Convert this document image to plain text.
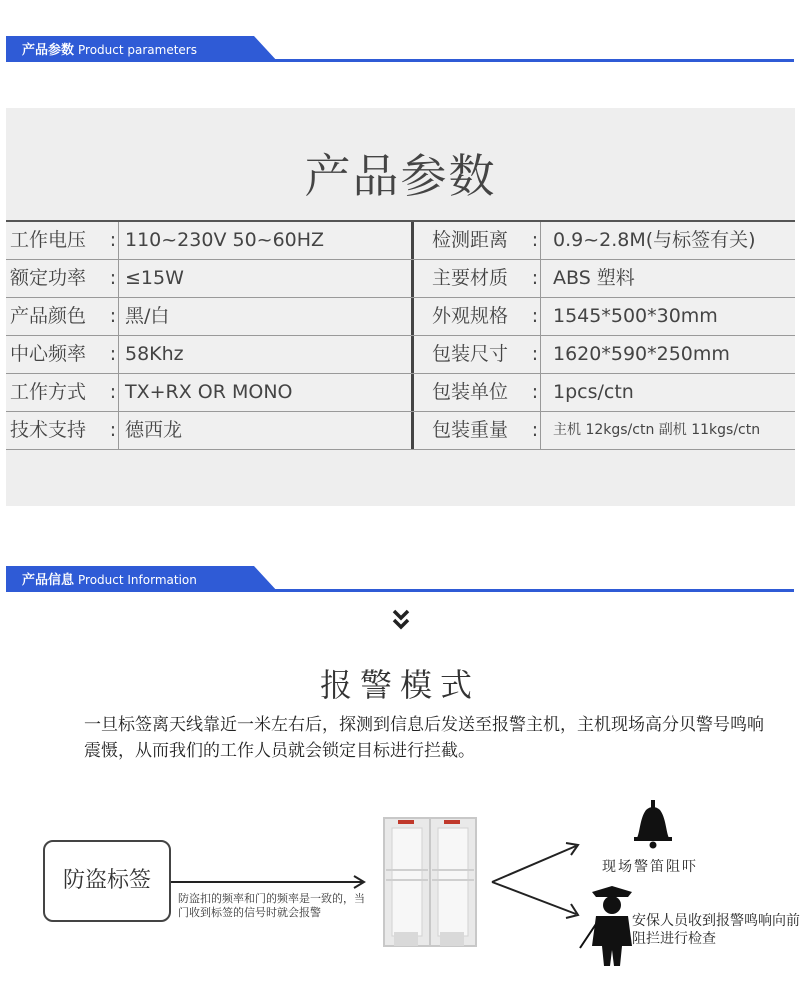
产品参数 Product parameters
产品参数
工作电压	: 110~230V 50~60HZ	检测距离	: 0.9~2.8M(与标签有关)
额定功率	: ≤15W	主要材质	: ABS 塑料
产品颜色	: 黑/白	外观规格	: 1545*500*30mm
中心频率	: 58Khz	包装尺寸	: 1620*590*250mm
工作方式	: TX+RX OR MONO	包装单位	: 1pcs/ctn
技术支持	: 德西龙	包装重量	:	主机 12kgs/ctn 副机 11kgs/ctn
产品信息 Product Information
报警模式
一旦标签离天线靠近一米左右后，探测到信息后发送至报警主机，主机现场高分贝警号鸣响震慑，从而我们的工作人员就会锁定目标进行拦截。
防盗标签
防盗扣的频率和门的频率是一致的，当门收到标签的信号时就会报警
现场警笛阻吓
安保人员收到报警鸣响向前阻拦进行检查
